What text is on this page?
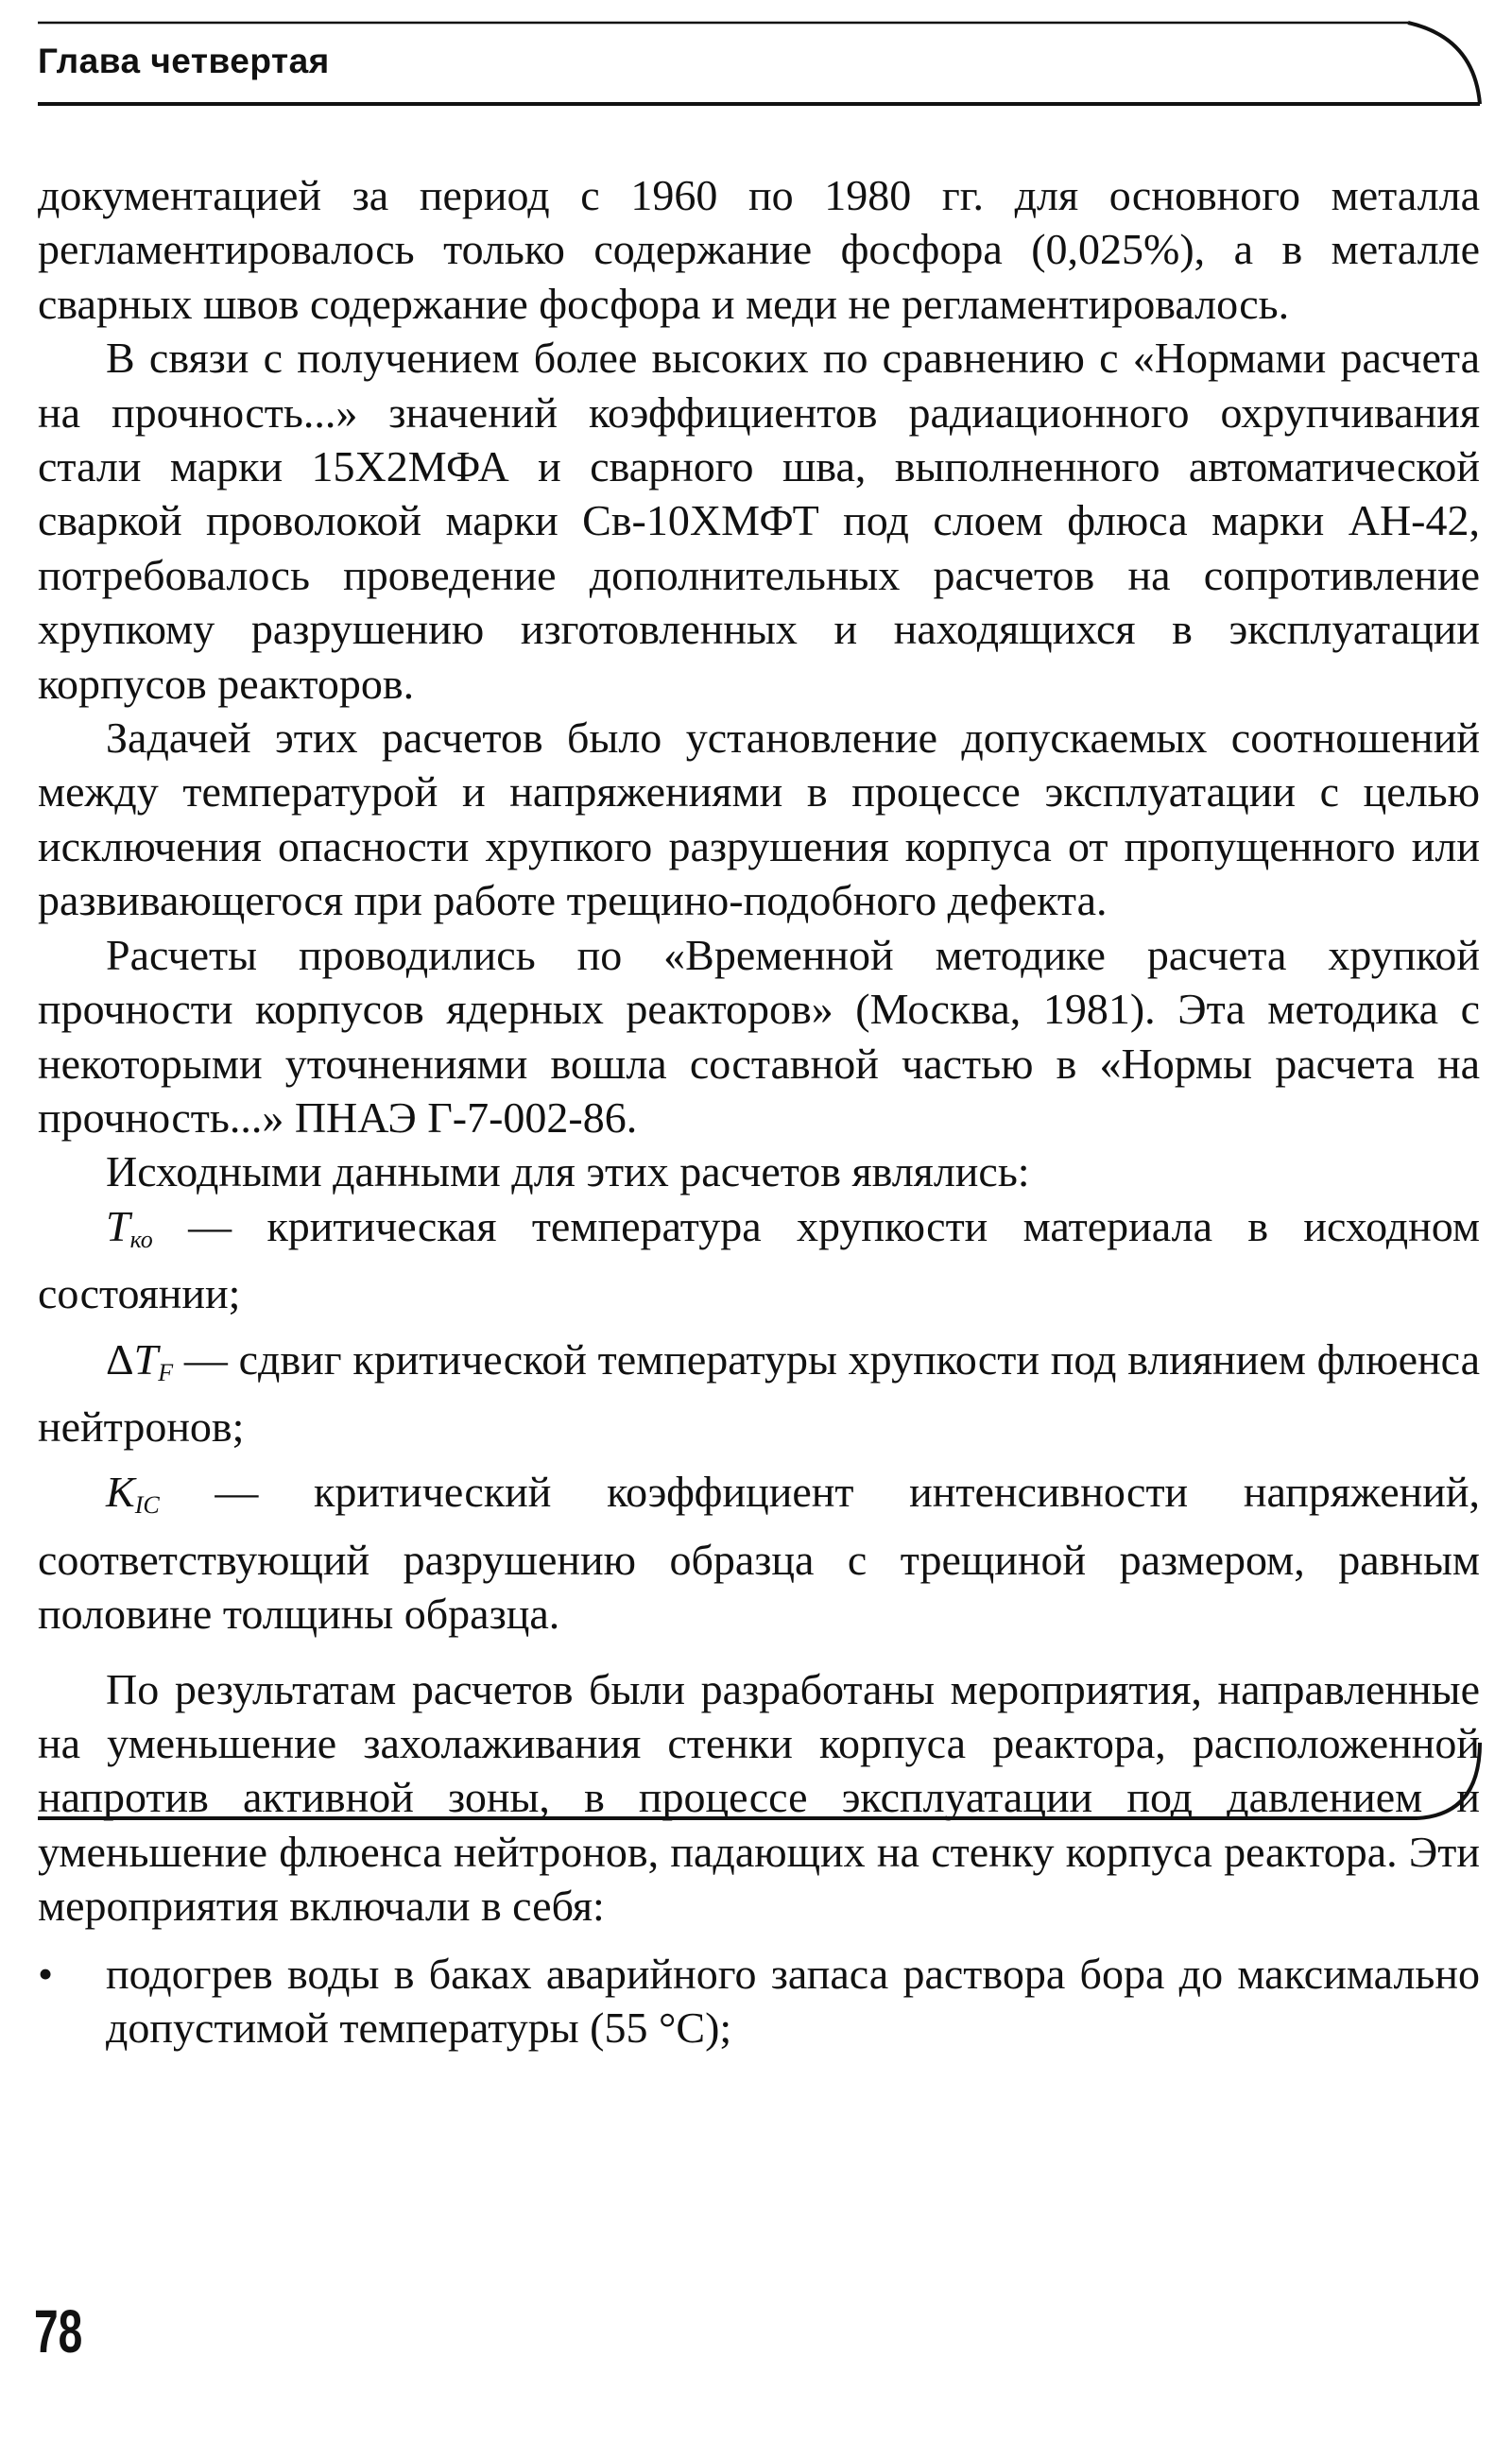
Глава четвертая

документацией за период с 1960 по 1980 гг. для основного металла регламентировалось только содержание фосфора (0,025%), а в металле сварных швов содержание фосфора и меди не регламентировалось.

В связи с получением более высоких по сравнению с «Нормами расчета на прочность...» значений коэффициентов радиационного охрупчивания стали марки 15Х2МФА и сварного шва, выполненного автоматической сваркой проволокой марки Св-10ХМФТ под слоем флюса марки АН-42, потребовалось проведение дополнительных расчетов на сопротивление хрупкому разрушению изготовленных и находящихся в эксплуатации корпусов реакторов.

Задачей этих расчетов было установление допускаемых соотношений между температурой и напряжениями в процессе эксплуатации с целью исключения опасности хрупкого разрушения корпуса от пропущенного или развивающегося при работе трещино-подобного дефекта.

Расчеты проводились по «Временной методике расчета хрупкой прочности корпусов ядерных реакторов» (Москва, 1981). Эта методика с некоторыми уточнениями вошла составной частью в «Нормы расчета на прочность...» ПНАЭ Г-7-002-86.

Исходными данными для этих расчетов являлись:

$T_{ко}$ — критическая температура хрупкости материала в исходном состоянии;

$\Delta T_F$ — сдвиг критической температуры хрупкости под влиянием флюенса нейтронов;

$K_{IC}$ — критический коэффициент интенсивности напряжений, соответствующий разрушению образца с трещиной размером, равным половине толщины образца.

По результатам расчетов были разработаны мероприятия, направленные на уменьшение захолаживания стенки корпуса реактора, расположенной напротив активной зоны, в процессе эксплуатации под давлением и уменьшение флюенса нейтронов, падающих на стенку корпуса реактора. Эти мероприятия включали в себя:

• подогрев воды в баках аварийного запаса раствора бора до максимально допустимой температуры (55 °С);
78
